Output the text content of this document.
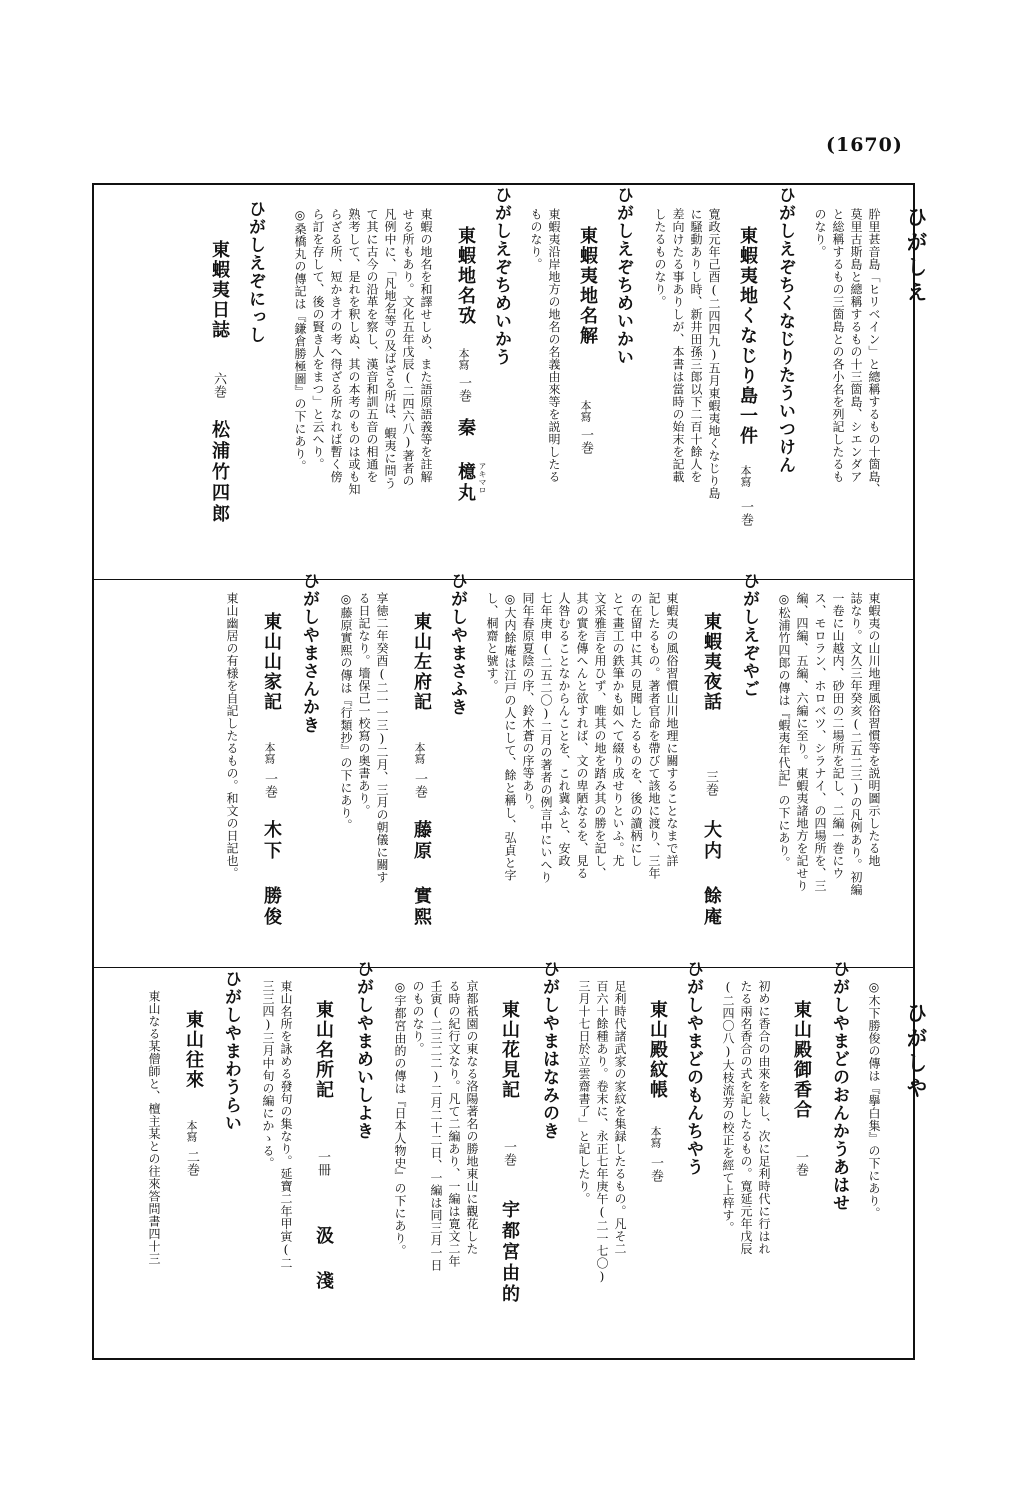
(1670)
ひがしえ
ひがしや
肸里甚音島「ヒリベイン」と總稱するもの十箇島、
莫里古斯島と總稱するもの十三箇島、シエンダア
と総稱するもの三箇島との各小名を列記したるも
のなり。
ひがしえぞちくなじりたういつけん
東蝦夷地くなじり島一件
本寫
一巻
寛政元年己酉(二四四九)五月東蝦夷地くなじり島
に騒動ありし時、新井田孫三郎以下二百十餘人を
差向けたる事ありしが、本書は當時の始末を記載
したるものなり。
ひがしえぞちめいかい
東蝦夷地名解
本寫
一巻
東蝦夷沿岸地方の地名の名義由來等を説明したる
ものなり。
ひがしえぞちめいかう
東蝦地名攷
本寫
一巻
秦
檍丸 アキマロ
東蝦の地名を和譯せしめ、また語原語義等を註解
せる所もあり。文化五年戊辰(二四六八)著者の
凡例中に、「凡地名等の及ばざる所は、蝦夷に問う
て其に古今の沿革を察し、漢音和訓五音の相通を
熟考して、是れを釈しぬ、其の本考のものは或も知
らざる所、短かき才の考へ得ざる所なれば暫く傍
ら訂を存して、後の賢き人をまつ」と云へり。
◎桑橋丸の傳記は『鎌倉勝極圖』の下にあり。
ひがしえぞにっし
東蝦夷日誌
六巻
松浦竹四郎
東蝦夷の山川地理風俗習慣等を説明圖示したる地
誌なり。文久三年癸亥(二五二三)の凡例あり。初編
一卷に山越内、砂田の二場所を記し、二編一巻にウ
ス、モロラン、ホロベツ、シラナイ、の四場所を、三
編、四編、五編、六編に至り。東蝦夷諸地方を記せり
◎松浦竹四郎の傳は『蝦夷年代記』の下にあり。
ひがしえぞやご
東蝦夷夜話
三巻
大内 餘庵
東蝦夷の風俗習慣山川地理に關することなまで詳
記したるもの。著者官命を帶びて該地に渡り、三年
の在留中に其の見聞したるものを、後の讀柄にし
とて畫工の鉄筆かも如へて綴り成せりといふ。尤
文采雅言を用ひず、唯其の地を踏み其の勝を記し、
其の實を傳へんと欲すれば、文の卑陋なるを、見る
人咎むることなからんことを、これ冀ふと、安政
七年庚申(二五二〇)二月の著者の例言中にいへり
同年春原夏陰の序、鈴木蒼の序等あり。
◎大内餘庵は江戸の人にして、餘と稱し、弘貞と字
し、桐齋と號す。
ひがしやまさふき
東山左府記
本寫
一巻
藤原 實熙
享徳二年癸酉(二一一三)二月、三月の朝儀に關す
る日記なり。墻保己一校寫の奥書あり。
◎藤原實熙の傳は『行類抄』の下にあり。
ひがしやまさんかき
東山山家記
本寫
一巻
木下 勝俊
東山幽居の有様を自記したるもの。和文の日記也。
◎木下勝俊の傳は『擧白集』の下にあり。
ひがしやまどのおんかうあはせ
東山殿御香合
一巻
初めに香合の由來を敍し、次に足利時代に行はれ
たる兩名香合の式を記したるもの。寛延元年戊辰
(二四〇八)大枝流芳の校正を經て上梓す。
ひがしやまどのもんちやう
東山殿紋帳
本寫
一巻
足利時代諸武家の家紋を集録したるもの。凡そ二
百六十餘種あり。卷末に、永正七年庚午(二一七〇)
三月十七日於立雲齋書了」と記したり。
ひがしやまはなみのき
東山花見記
一巻
宇都宮由的
京都祇園の東なる洛陽著名の勝地東山に觀花した
る時の紀行文なり。凡て二編あり、一編は寛文二年
壬寅(二三二二)二月二十二日、一編は同三月一日
のものなり。
◎宇都宮由的の傳は『日本人物史』の下にあり。
ひがしやまめいしよき
東山名所記
一冊
汲 淺
東山名所を詠める發句の集なり。延寶二年甲寅(二
三三四)三月中旬の編にかゝる。
ひがしやまわうらい
東山往來
本寫
二巻
東山なる某僧師と、檀主某との往來答問書四十三
